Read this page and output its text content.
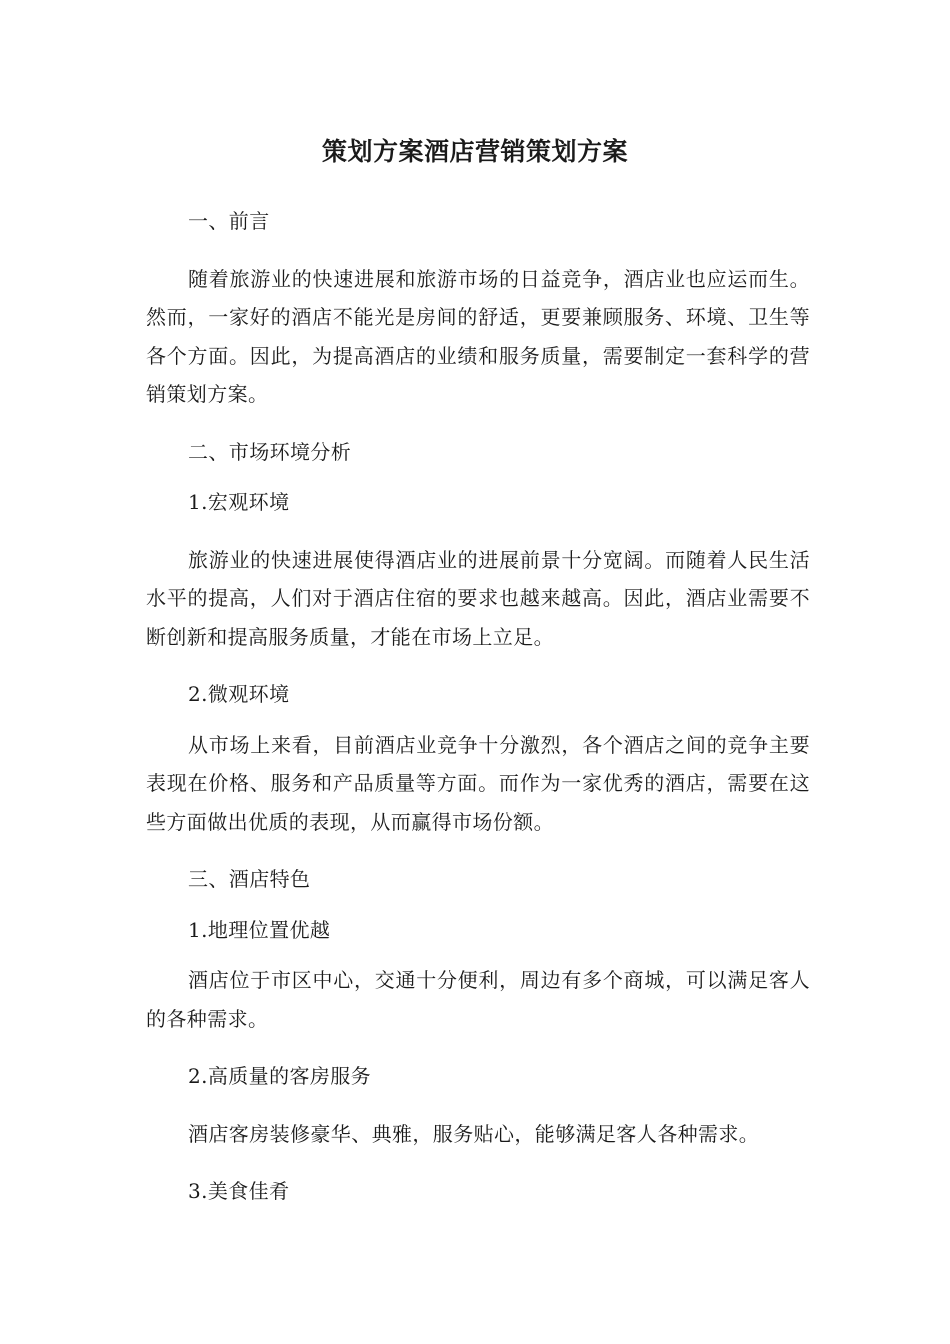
策划方案酒店营销策划方案

一、前言

随着旅游业的快速进展和旅游市场的日益竞争，酒店业也应运而生。然而，一家好的酒店不能光是房间的舒适，更要兼顾服务、环境、卫生等各个方面。因此，为提高酒店的业绩和服务质量，需要制定一套科学的营销策划方案。

二、市场环境分析

1.宏观环境

旅游业的快速进展使得酒店业的进展前景十分宽阔。而随着人民生活水平的提高，人们对于酒店住宿的要求也越来越高。因此，酒店业需要不断创新和提高服务质量，才能在市场上立足。

2.微观环境

从市场上来看，目前酒店业竞争十分激烈，各个酒店之间的竞争主要表现在价格、服务和产品质量等方面。而作为一家优秀的酒店，需要在这些方面做出优质的表现，从而赢得市场份额。

三、酒店特色

1.地理位置优越

酒店位于市区中心，交通十分便利，周边有多个商城，可以满足客人的各种需求。

2.高质量的客房服务

酒店客房装修豪华、典雅，服务贴心，能够满足客人各种需求。

3.美食佳肴
